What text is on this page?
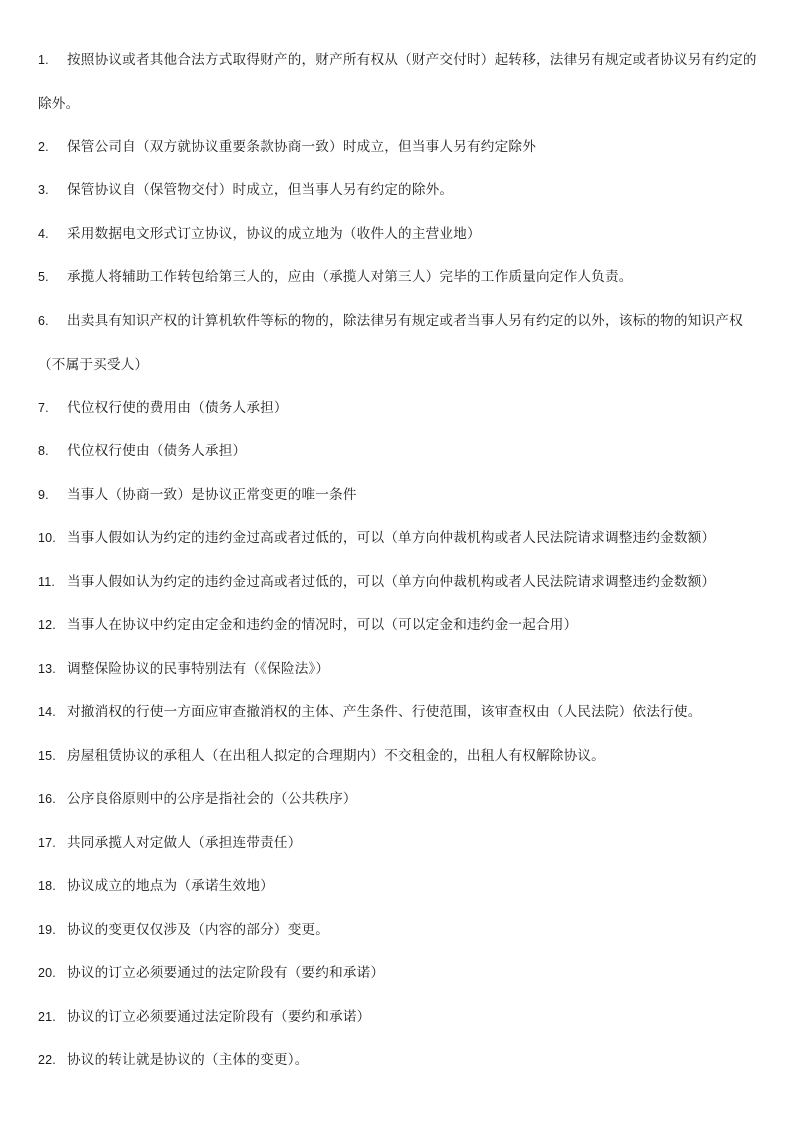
1. 按照协议或者其他合法方式取得财产的，财产所有权从（财产交付时）起转移，法律另有规定或者协议另有约定的除外。
2. 保管公司自（双方就协议重要条款协商一致）时成立，但当事人另有约定除外
3. 保管协议自（保管物交付）时成立，但当事人另有约定的除外。
4. 采用数据电文形式订立协议，协议的成立地为（收件人的主营业地）
5. 承揽人将辅助工作转包给第三人的，应由（承揽人对第三人）完毕的工作质量向定作人负责。
6. 出卖具有知识产权的计算机软件等标的物的，除法律另有规定或者当事人另有约定的以外，该标的物的知识产权（不属于买受人）
7. 代位权行使的费用由（债务人承担）
8. 代位权行使由（债务人承担）
9. 当事人（协商一致）是协议正常变更的唯一条件
10. 当事人假如认为约定的违约金过高或者过低的，可以（单方向仲裁机构或者人民法院请求调整违约金数额）
11. 当事人假如认为约定的违约金过高或者过低的，可以（单方向仲裁机构或者人民法院请求调整违约金数额）
12. 当事人在协议中约定由定金和违约金的情况时，可以（可以定金和违约金一起合用）
13. 调整保险协议的民事特别法有（《保险法》）
14. 对撤消权的行使一方面应审查撤消权的主体、产生条件、行使范围，该审查权由（人民法院）依法行使。
15. 房屋租赁协议的承租人（在出租人拟定的合理期内）不交租金的，出租人有权解除协议。
16. 公序良俗原则中的公序是指社会的（公共秩序）
17. 共同承揽人对定做人（承担连带责任）
18. 协议成立的地点为（承诺生效地）
19. 协议的变更仅仅涉及（内容的部分）变更。
20. 协议的订立必须要通过的法定阶段有（要约和承诺）
21. 协议的订立必须要通过法定阶段有（要约和承诺）
22. 协议的转让就是协议的（主体的变更）。
